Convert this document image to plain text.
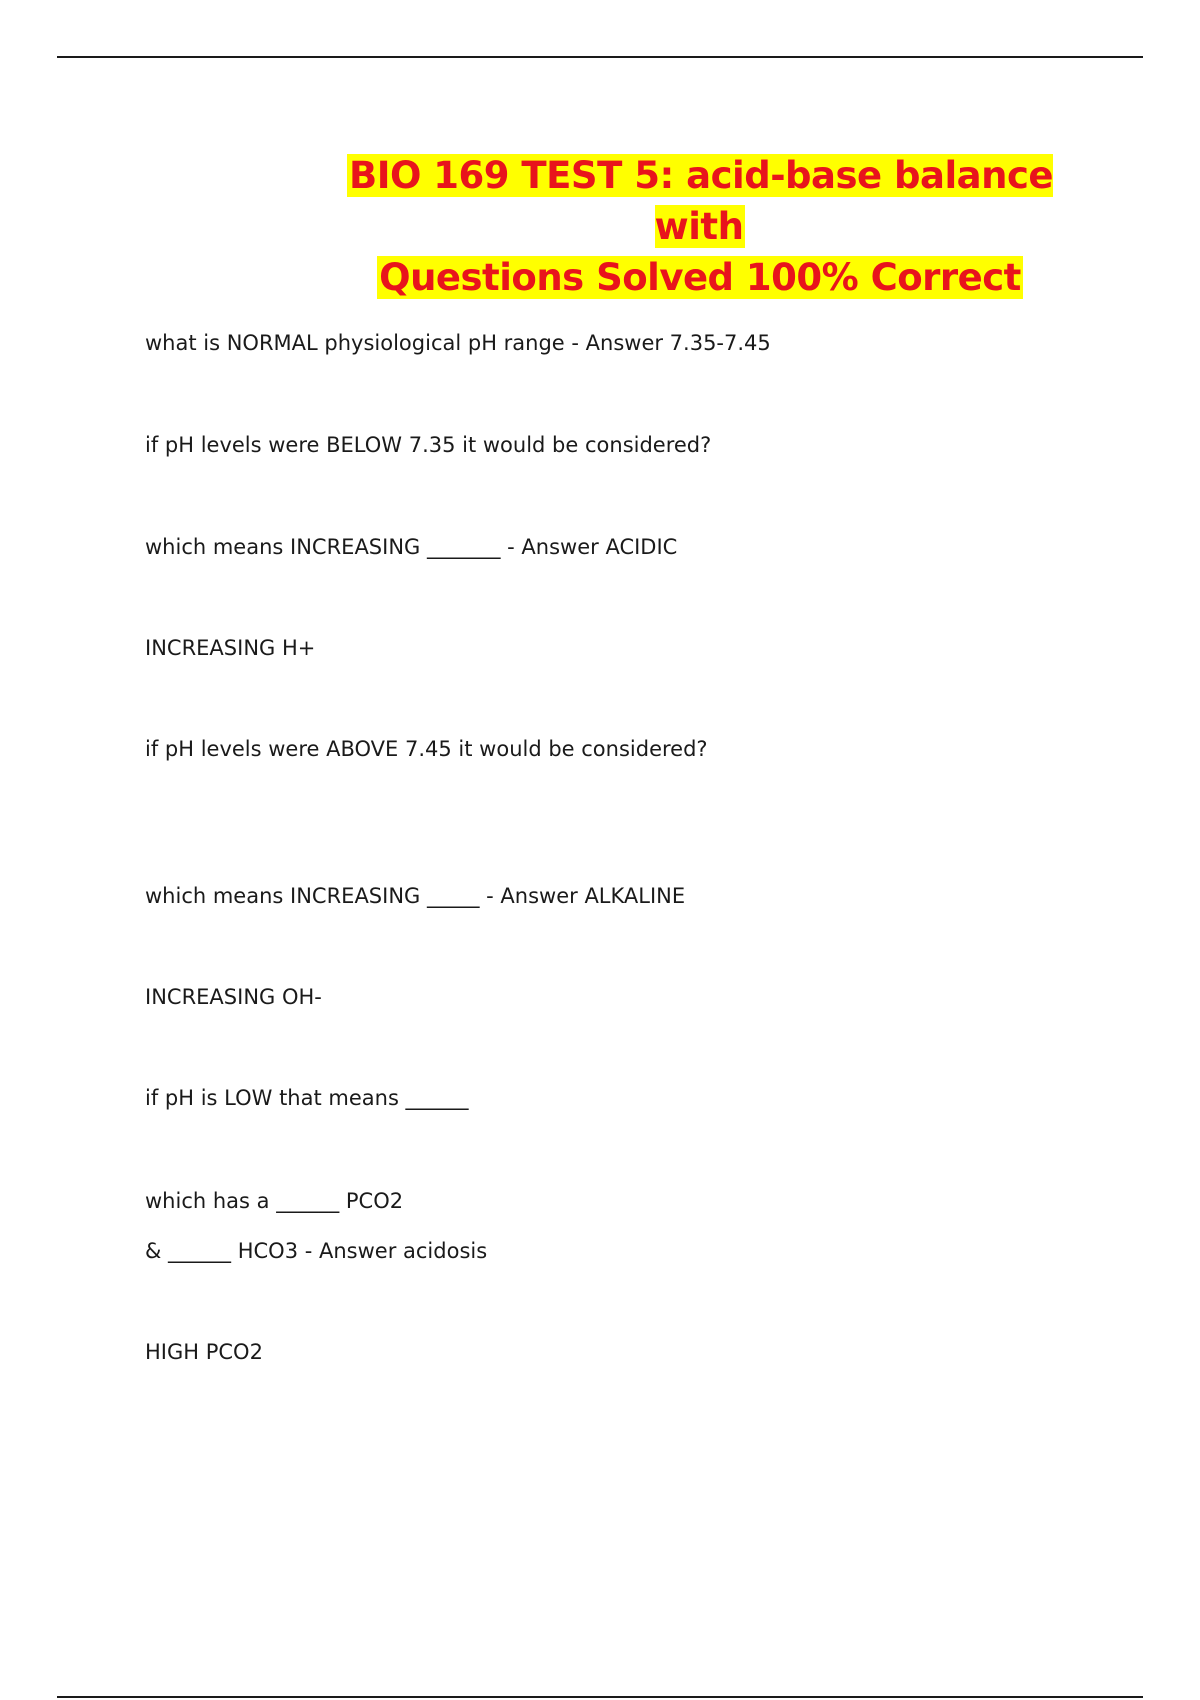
BIO 169 TEST 5: acid-base balance with
Questions Solved 100% Correct
what is NORMAL physiological pH range - Answer 7.35-7.45
if pH levels were BELOW 7.35 it would be considered?
which means INCREASING _______ - Answer ACIDIC
INCREASING H+
if pH levels were ABOVE 7.45 it would be considered?
which means INCREASING _____ - Answer ALKALINE
INCREASING OH-
if pH is LOW that means ______
which has a ______ PCO2
& ______ HCO3 - Answer acidosis
HIGH PCO2
